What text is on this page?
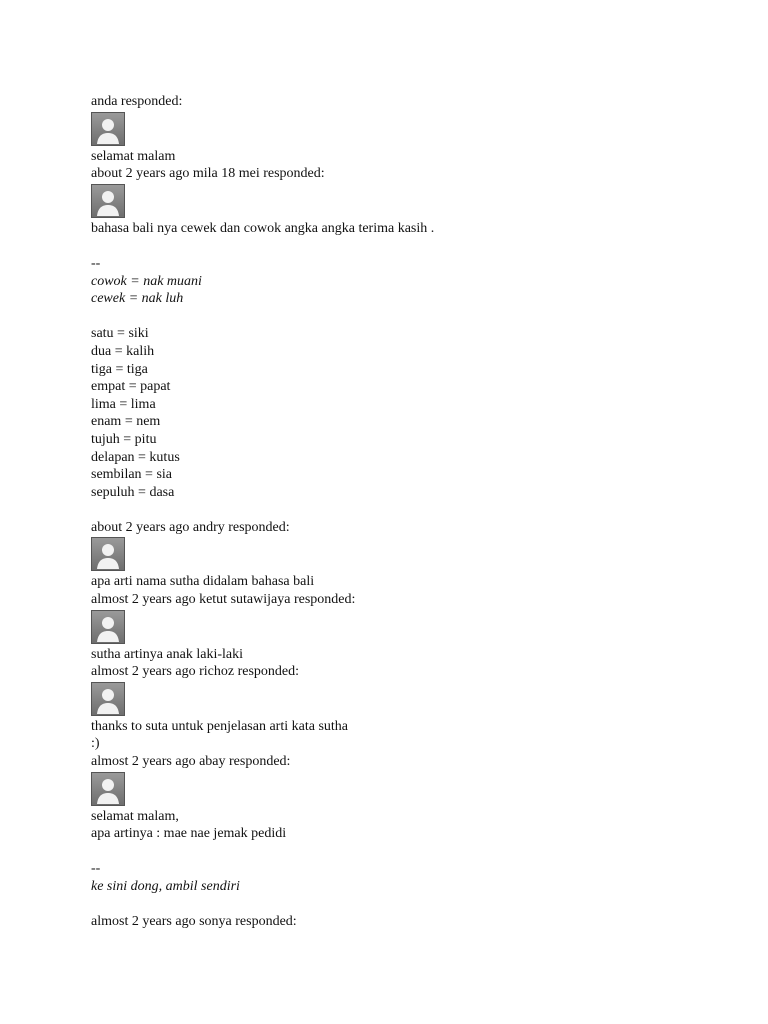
anda responded:
selamat malam
about 2 years ago mila 18 mei responded:
bahasa bali nya cewek dan cowok angka angka terima kasih .
--
cowok = nak muani
cewek = nak luh
satu = siki
dua = kalih
tiga = tiga
empat = papat
lima = lima
enam = nem
tujuh = pitu
delapan = kutus
sembilan = sia
sepuluh = dasa
about 2 years ago andry responded:
apa arti nama sutha didalam bahasa bali
almost 2 years ago ketut sutawijaya responded:
sutha artinya anak laki-laki
almost 2 years ago richoz responded:
thanks to suta untuk penjelasan arti kata sutha
:)
almost 2 years ago abay responded:
selamat malam,
apa artinya : mae nae jemak pedidi
--
ke sini dong, ambil sendiri
almost 2 years ago sonya responded:
